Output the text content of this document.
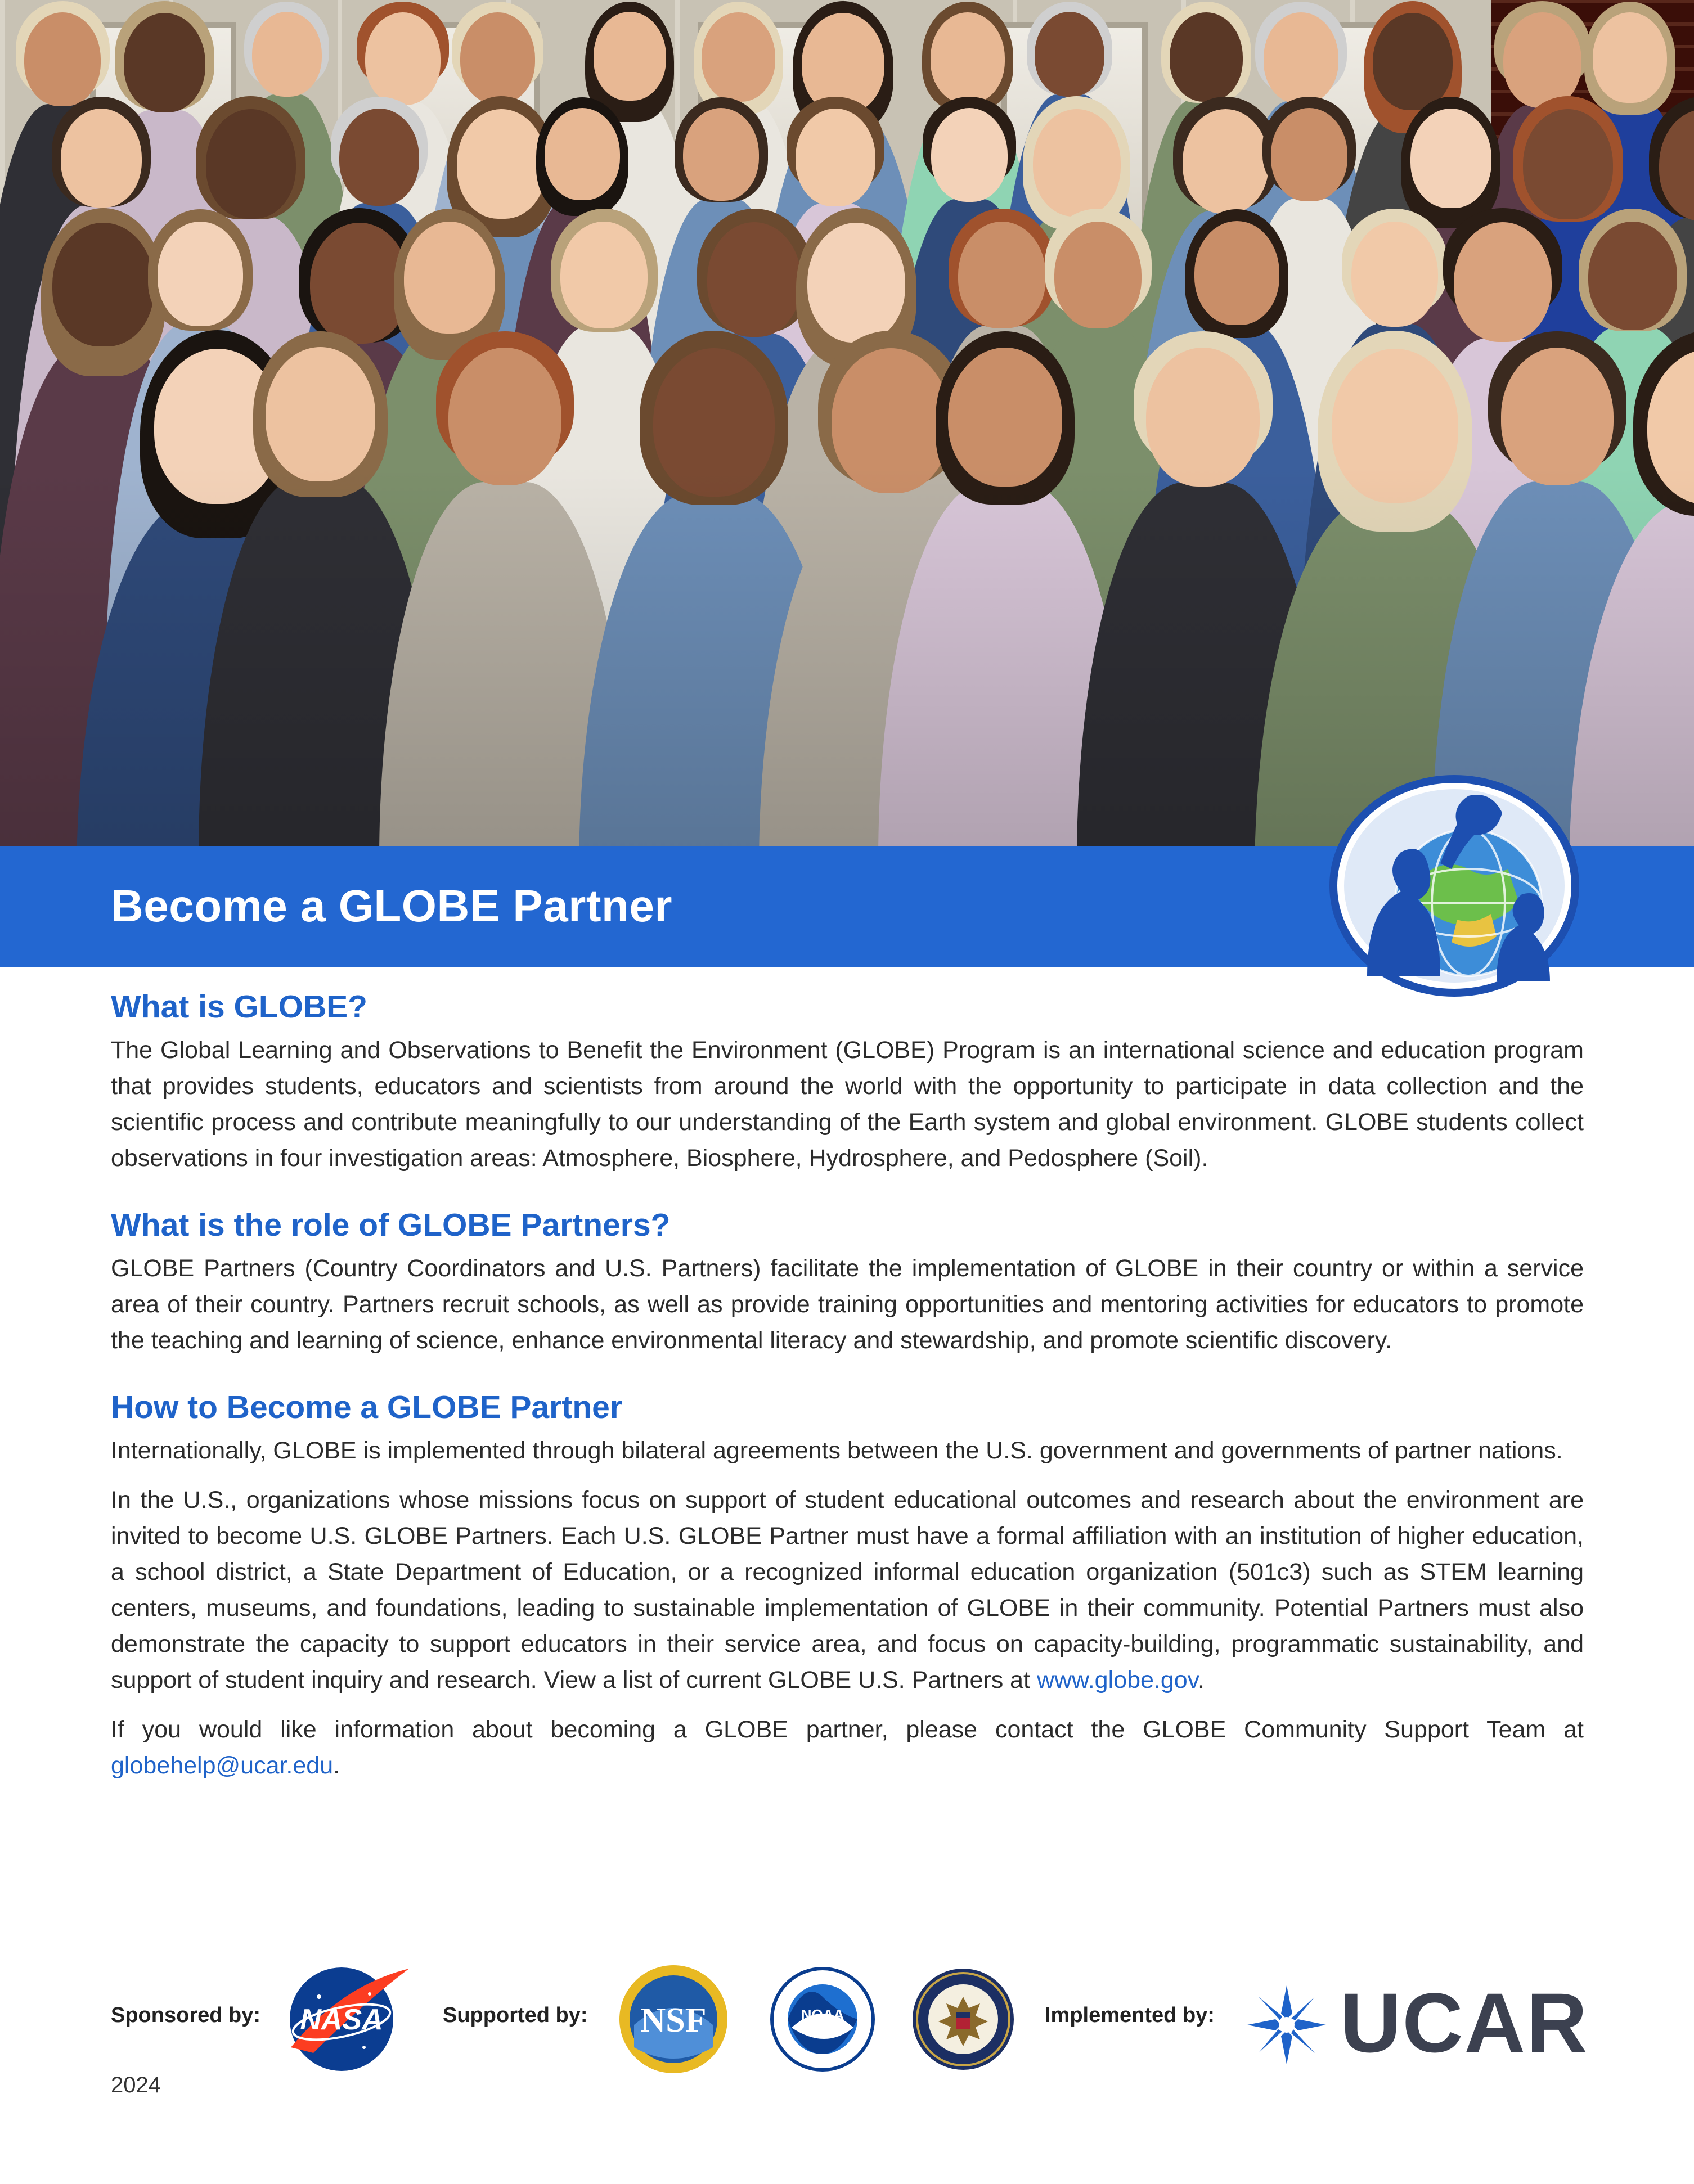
Become a GLOBE Partner
What is GLOBE?

The Global Learning and Observations to Benefit the Environment (GLOBE) Program is an international science and education program that provides students, educators and scientists from around the world with the opportunity to participate in data collection and the scientific process and contribute meaningfully to our understanding of the Earth system and global environment. GLOBE students collect observations in four investigation areas: Atmosphere, Biosphere, Hydrosphere, and Pedosphere (Soil).

What is the role of GLOBE Partners?

GLOBE Partners (Country Coordinators and U.S. Partners) facilitate the implementation of GLOBE in their country or within a service area of their country. Partners recruit schools, as well as provide training opportunities and mentoring activities for educators to promote the teaching and learning of science, enhance environmental literacy and stewardship, and promote scientific discovery.

How to Become a GLOBE Partner

Internationally, GLOBE is implemented through bilateral agreements between the U.S. government and governments of partner nations.

In the U.S., organizations whose missions focus on support of student educational outcomes and research about the environment are invited to become U.S. GLOBE Partners. Each U.S. GLOBE Partner must have a formal affiliation with an institution of higher education, a school district, a State Department of Education, or a recognized informal education organization (501c3) such as STEM learning centers, museums, and foundations, leading to sustainable implementation of GLOBE in their community. Potential Partners must also demonstrate the capacity to support educators in their service area, and focus on capacity-building, programmatic sustainability, and support of student inquiry and research. View a list of current GLOBE U.S. Partners at www.globe.gov.

If you would like information about becoming a GLOBE partner, please contact the GLOBE Community Support Team at globehelp@ucar.edu.

Sponsored by: NASA	Supported by: NSF	NOAA	Implemented by: UCAR
2024
